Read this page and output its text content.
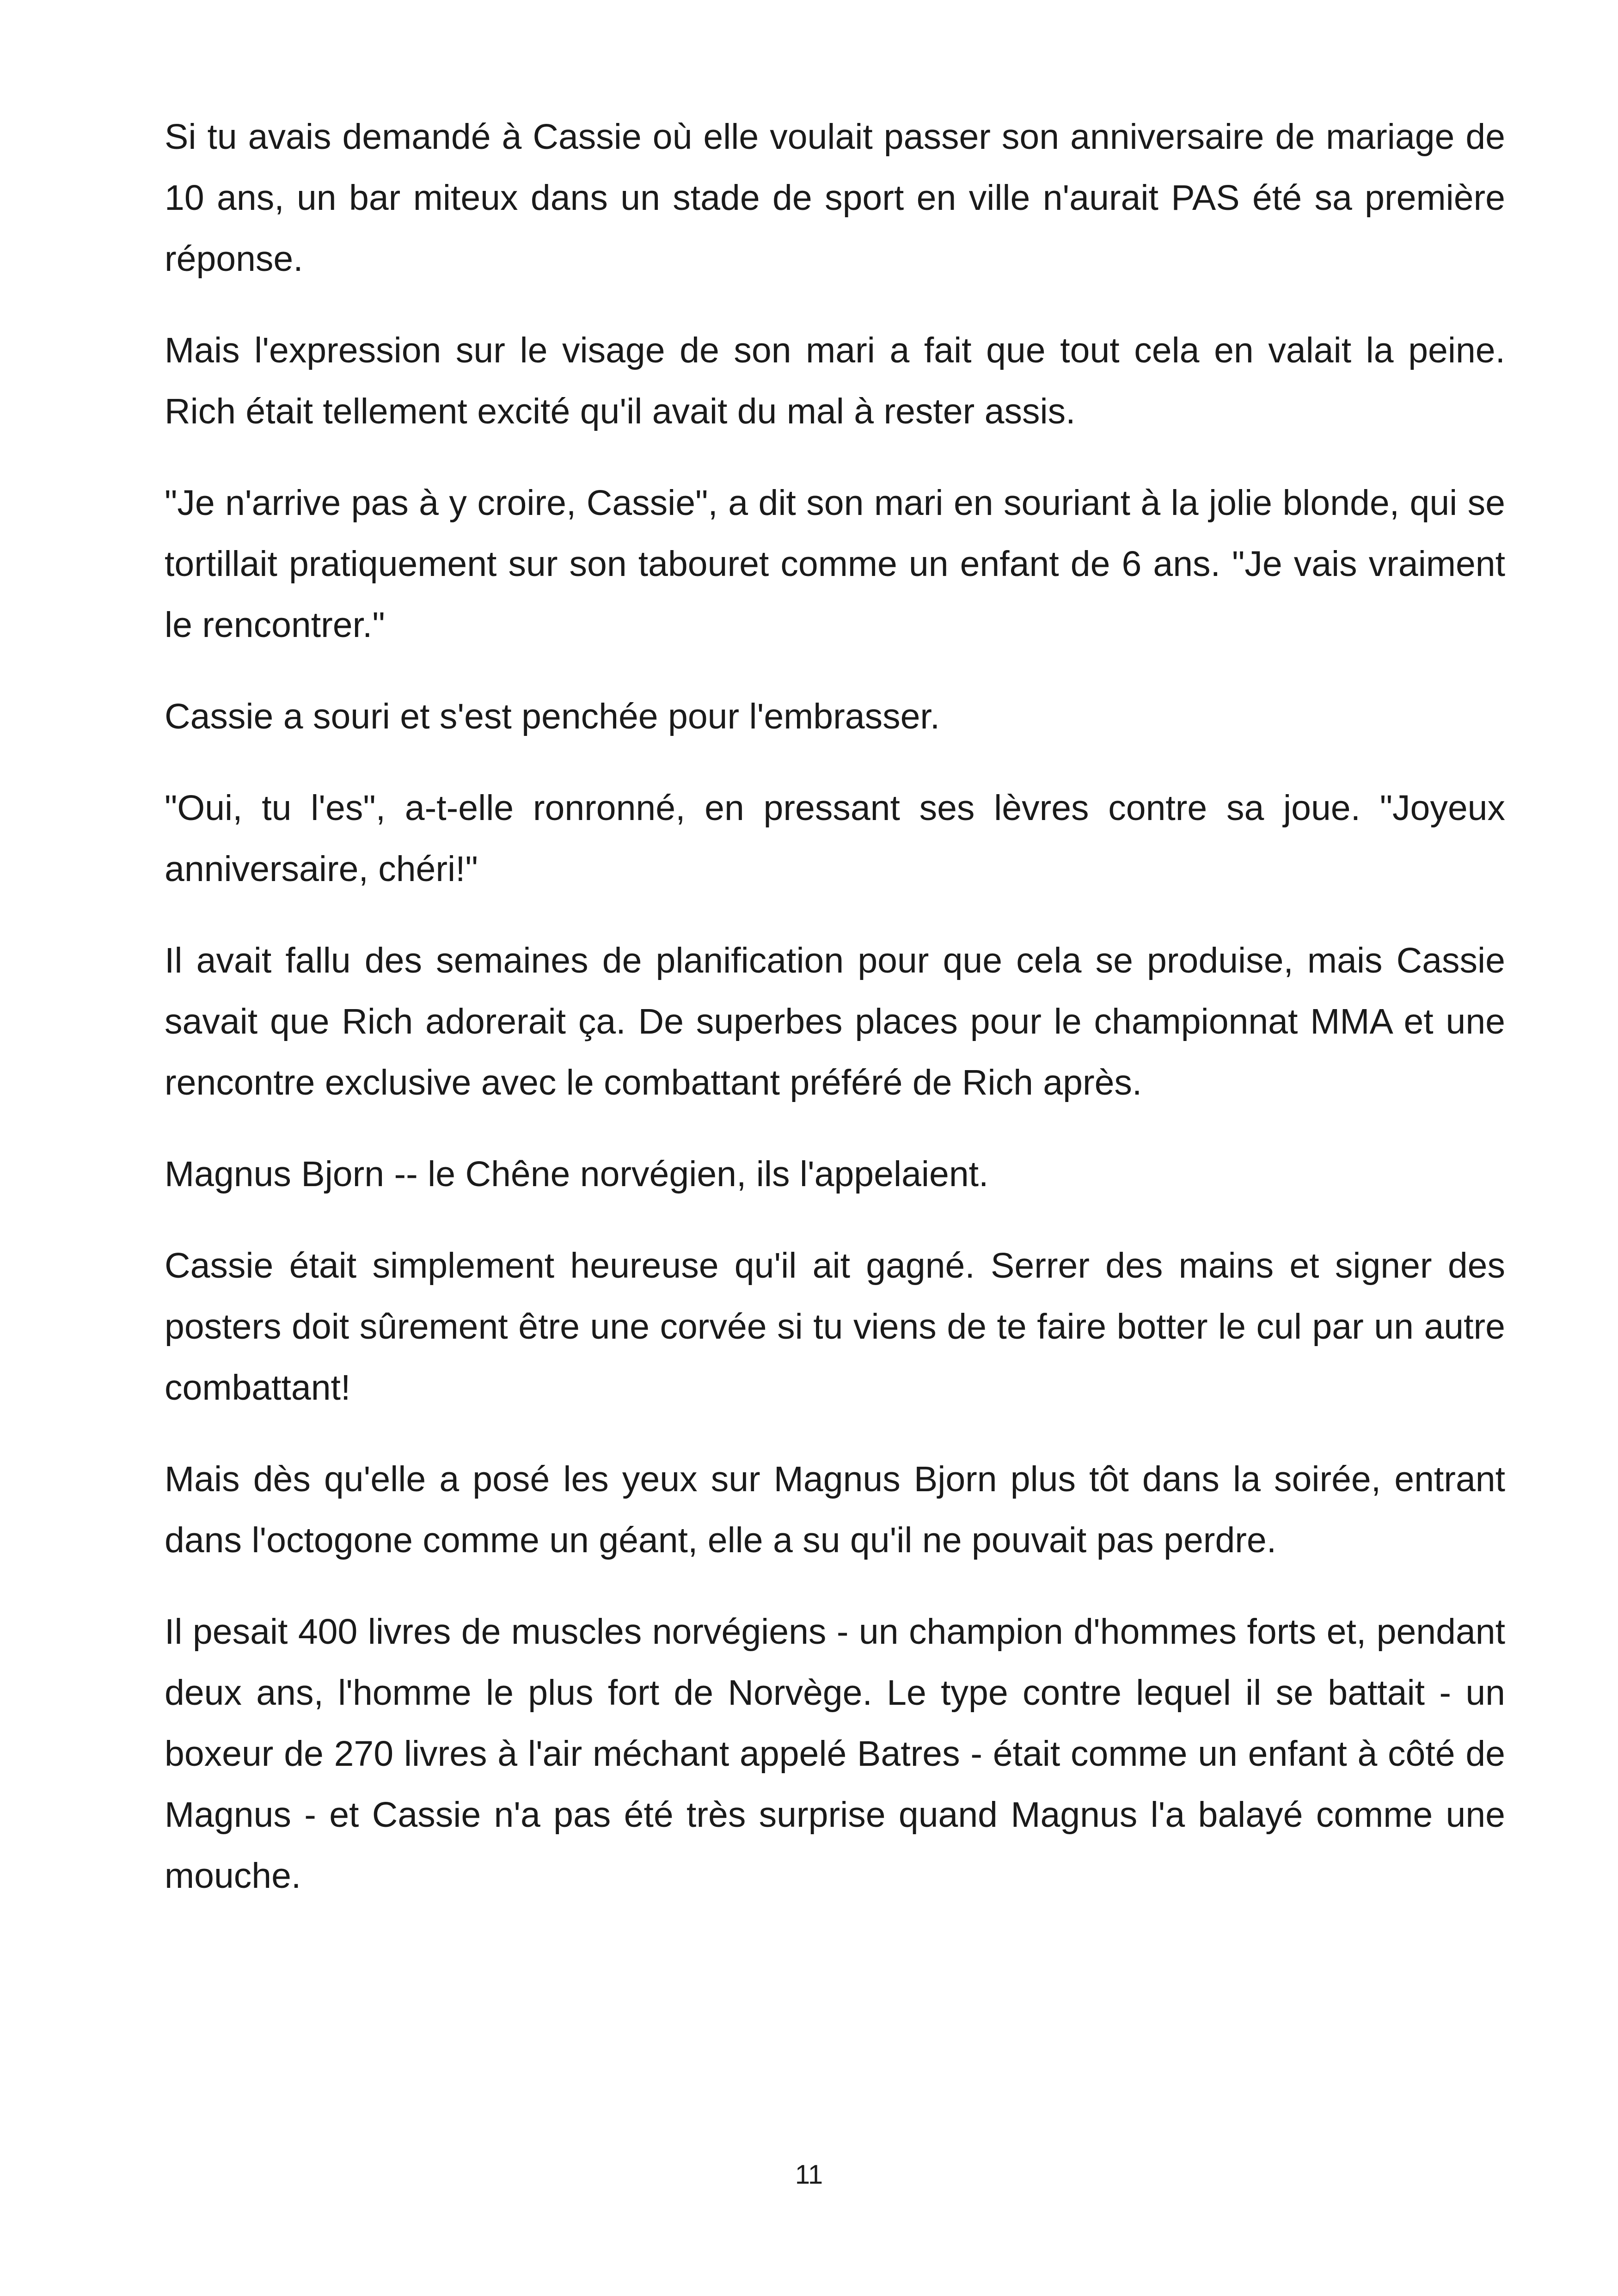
Si tu avais demandé à Cassie où elle voulait passer son anniversaire de mariage de 10 ans, un bar miteux dans un stade de sport en ville n'aurait PAS été sa première réponse.

Mais l'expression sur le visage de son mari a fait que tout cela en valait la peine. Rich était tellement excité qu'il avait du mal à rester assis.

"Je n'arrive pas à y croire, Cassie", a dit son mari en souriant à la jolie blonde, qui se tortillait pratiquement sur son tabouret comme un enfant de 6 ans. "Je vais vraiment le rencontrer."

Cassie a souri et s'est penchée pour l'embrasser.

"Oui, tu l'es", a-t-elle ronronné, en pressant ses lèvres contre sa joue. "Joyeux anniversaire, chéri!"

Il avait fallu des semaines de planification pour que cela se produise, mais Cassie savait que Rich adorerait ça. De superbes places pour le championnat MMA et une rencontre exclusive avec le combattant préféré de Rich après.

Magnus Bjorn -- le Chêne norvégien, ils l'appelaient.

Cassie était simplement heureuse qu'il ait gagné. Serrer des mains et signer des posters doit sûrement être une corvée si tu viens de te faire botter le cul par un autre combattant!

Mais dès qu'elle a posé les yeux sur Magnus Bjorn plus tôt dans la soirée, entrant dans l'octogone comme un géant, elle a su qu'il ne pouvait pas perdre.

Il pesait 400 livres de muscles norvégiens - un champion d'hommes forts et, pendant deux ans, l'homme le plus fort de Norvège. Le type contre lequel il se battait - un boxeur de 270 livres à l'air méchant appelé Batres - était comme un enfant à côté de Magnus - et Cassie n'a pas été très surprise quand Magnus l'a balayé comme une mouche.

11
